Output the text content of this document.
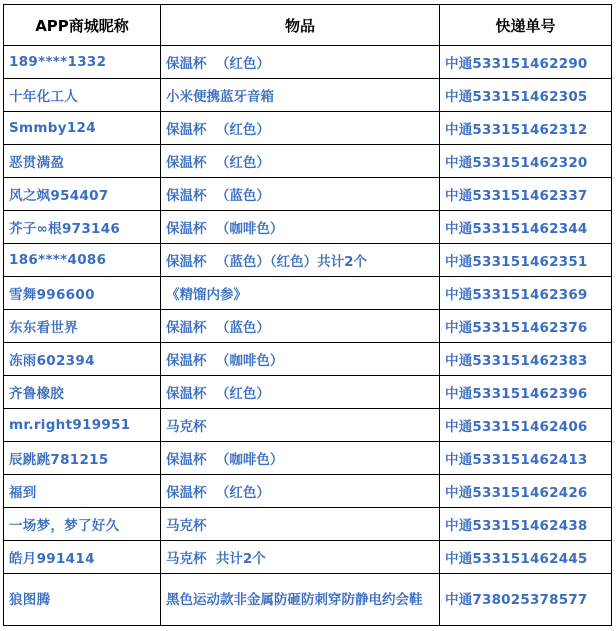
APP商城昵称	物品	快递单号
189****1332	保温杯  （红色）	中通533151462290
十年化工人	小米便携蓝牙音箱	中通533151462305
Smmby124	保温杯  （红色）	中通533151462312
恶贯满盈	保温杯  （红色）	中通533151462320
风之飒954407	保温杯  （蓝色）	中通533151462337
芥子∞根973146	保温杯  （咖啡色）	中通533151462344
186****4086	保温杯  （蓝色）（红色）共计2个	中通533151462351
雪舞996600	《精馏内参》	中通533151462369
东东看世界	保温杯  （蓝色）	中通533151462376
冻雨602394	保温杯  （咖啡色）	中通533151462383
齐鲁橡胶	保温杯  （红色）	中通533151462396
mr.right919951	马克杯	中通533151462406
辰跳跳781215	保温杯  （咖啡色）	中通533151462413
福到	保温杯  （红色）	中通533151462426
一场梦，梦了好久	马克杯	中通533151462438
皓月991414	马克杯  共计2个	中通533151462445
狼图腾	黑色运动款非金属防砸防刺穿防静电约会鞋	中通738025378577
